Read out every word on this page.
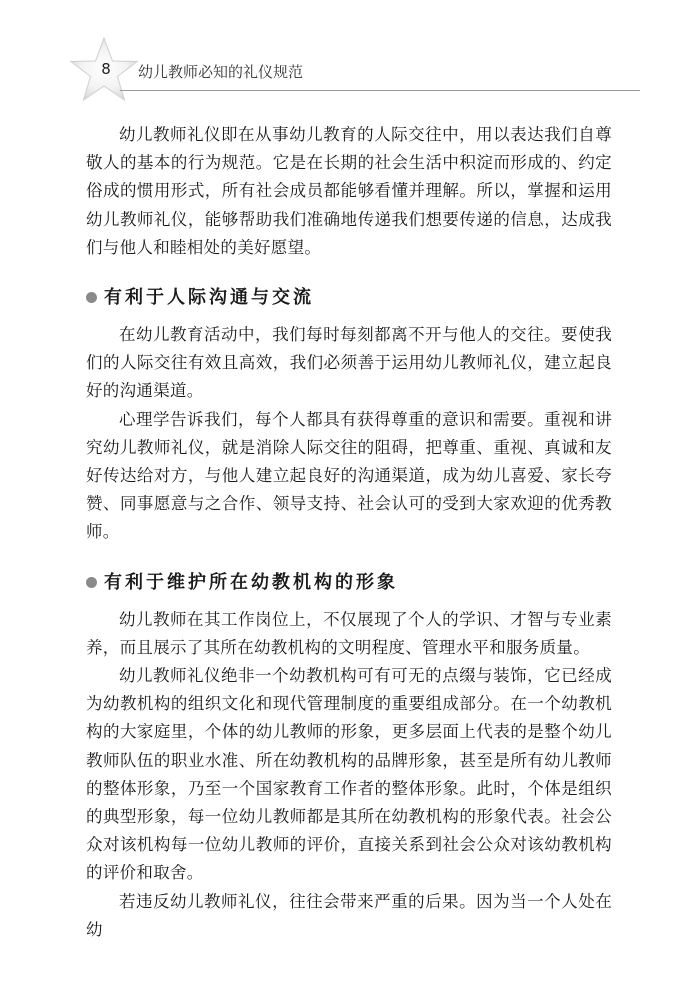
8	幼儿教师必知的礼仪规范

幼儿教师礼仪即在从事幼儿教育的人际交往中，用以表达我们自尊敬人的基本的行为规范。它是在长期的社会生活中积淀而形成的、约定俗成的惯用形式，所有社会成员都能够看懂并理解。所以，掌握和运用幼儿教师礼仪，能够帮助我们准确地传递我们想要传递的信息，达成我们与他人和睦相处的美好愿望。

有利于人际沟通与交流

在幼儿教育活动中，我们每时每刻都离不开与他人的交往。要使我们的人际交往有效且高效，我们必须善于运用幼儿教师礼仪，建立起良好的沟通渠道。

心理学告诉我们，每个人都具有获得尊重的意识和需要。重视和讲究幼儿教师礼仪，就是消除人际交往的阻碍，把尊重、重视、真诚和友好传达给对方，与他人建立起良好的沟通渠道，成为幼儿喜爱、家长夸赞、同事愿意与之合作、领导支持、社会认可的受到大家欢迎的优秀教师。

有利于维护所在幼教机构的形象

幼儿教师在其工作岗位上，不仅展现了个人的学识、才智与专业素养，而且展示了其所在幼教机构的文明程度、管理水平和服务质量。

幼儿教师礼仪绝非一个幼教机构可有可无的点缀与装饰，它已经成为幼教机构的组织文化和现代管理制度的重要组成部分。在一个幼教机构的大家庭里，个体的幼儿教师的形象，更多层面上代表的是整个幼儿教师队伍的职业水准、所在幼教机构的品牌形象，甚至是所有幼儿教师的整体形象，乃至一个国家教育工作者的整体形象。此时，个体是组织的典型形象，每一位幼儿教师都是其所在幼教机构的形象代表。社会公众对该机构每一位幼儿教师的评价，直接关系到社会公众对该幼教机构的评价和取舍。

若违反幼儿教师礼仪，往往会带来严重的后果。因为当一个人处在幼
